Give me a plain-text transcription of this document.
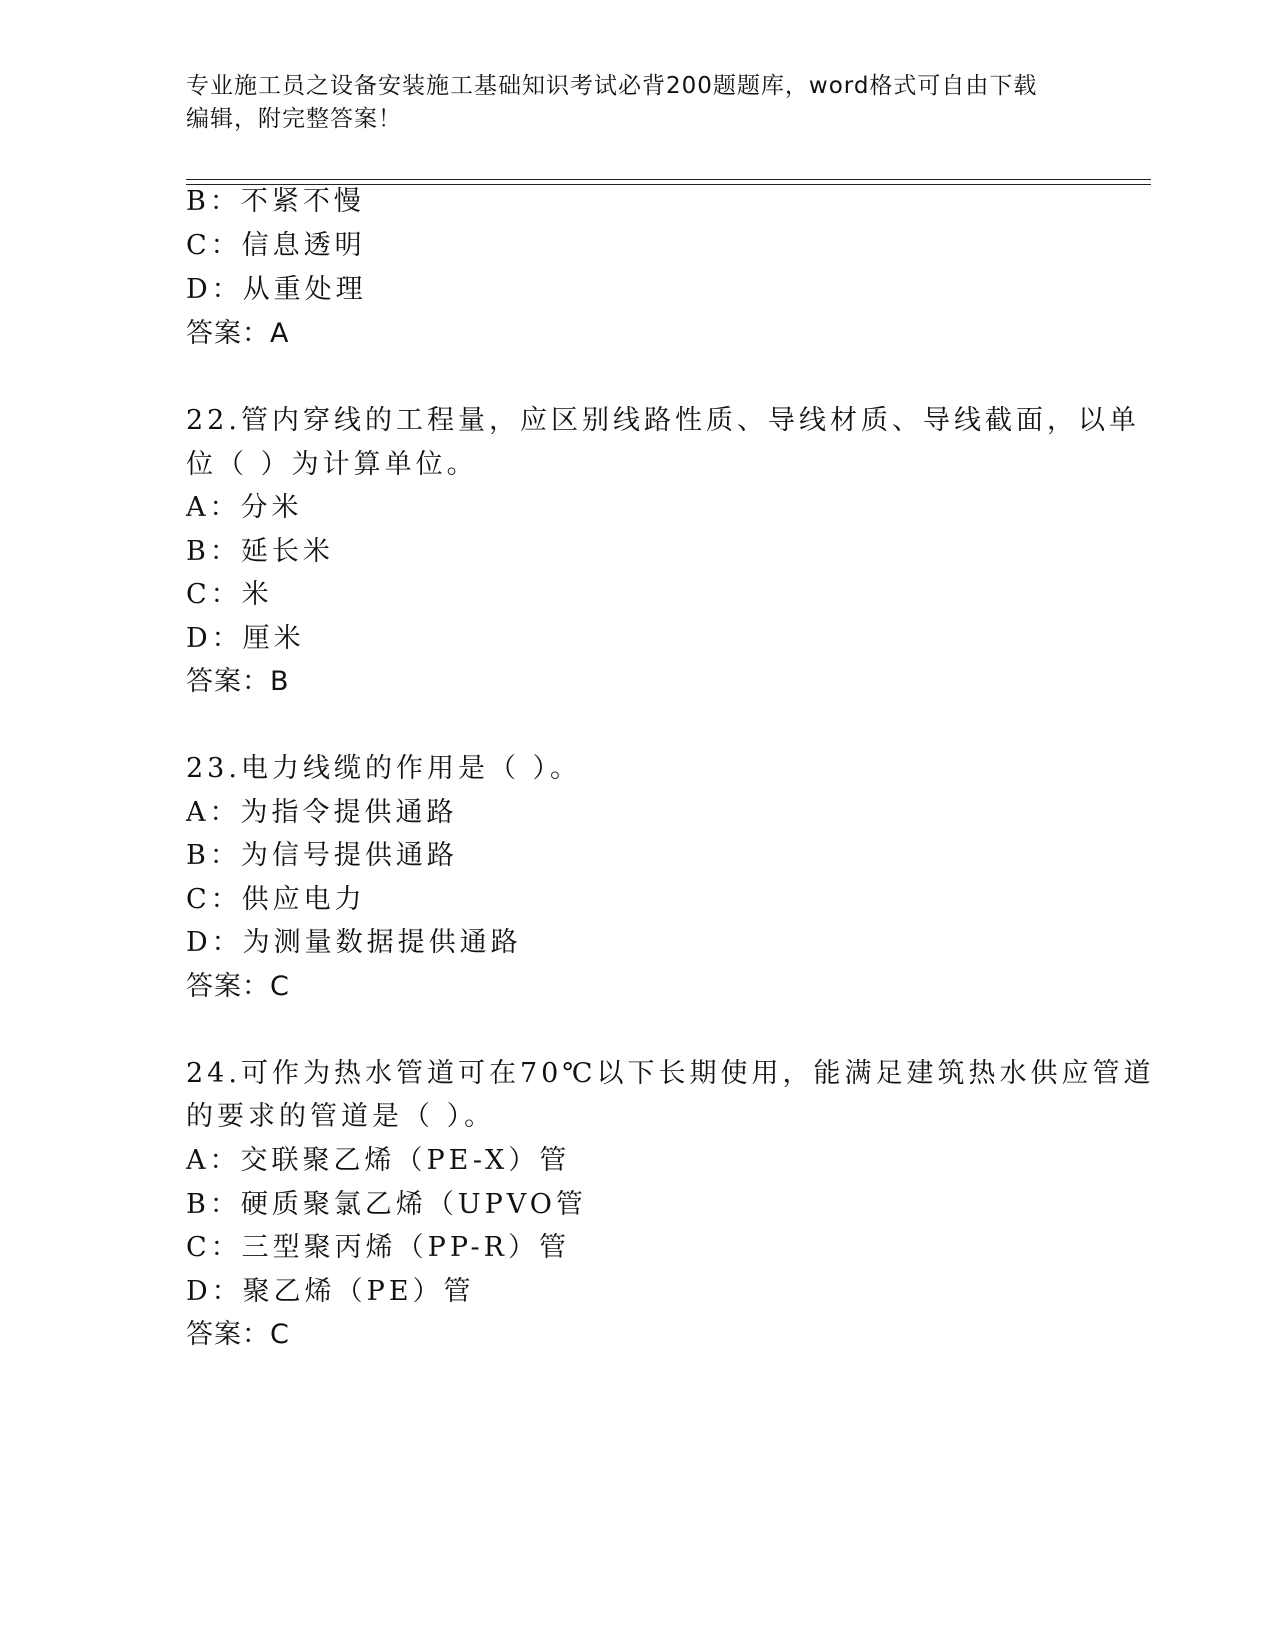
专业施工员之设备安装施工基础知识考试必背200题题库，word格式可自由下载

编辑，附完整答案！

B：不紧不慢
C：信息透明
D：从重处理
答案：A
22.管内穿线的工程量，应区别线路性质、导线材质、导线截面，以单
位（ ）为计算单位。
A：分米
B：延长米
C：米
D：厘米
答案：B
23.电力线缆的作用是（ ）。
A：为指令提供通路
B：为信号提供通路
C：供应电力
D：为测量数据提供通路
答案：C
24.可作为热水管道可在70℃以下长期使用，能满足建筑热水供应管道
的要求的管道是（ ）。
A：交联聚乙烯（PE-X）管
B：硬质聚氯乙烯（UPVO管
C：三型聚丙烯（PP-R）管
D：聚乙烯（PE）管
答案：C
